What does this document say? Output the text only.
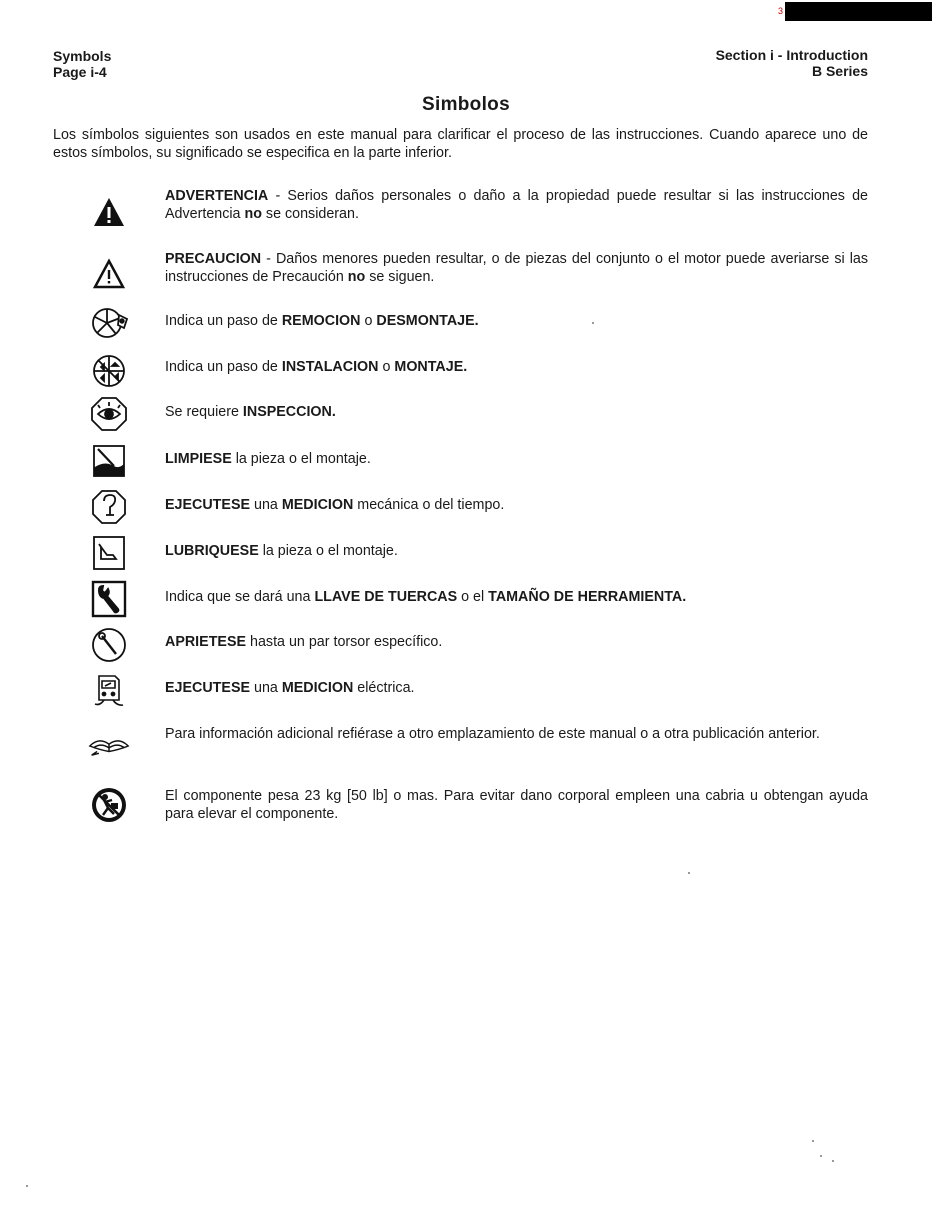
3
Symbols
Page i-4
Section i - Introduction
B Series
Simbolos
Los símbolos siguientes son usados en este manual para clarificar el proceso de las instrucciones. Cuando aparece uno de estos símbolos, su significado se especifica en la parte inferior.
ADVERTENCIA - Serios daños personales o daño a la propiedad puede resultar si las instrucciones de Advertencia no se consideran.
PRECAUCION - Daños menores pueden resultar, o de piezas del conjunto o el motor puede averiarse si las instrucciones de Precaución no se siguen.
Indica un paso de REMOCION o DESMONTAJE.
Indica un paso de INSTALACION o MONTAJE.
Se requiere INSPECCION.
LIMPIESE la pieza o el montaje.
EJECUTESE una MEDICION mecánica o del tiempo.
LUBRIQUESE la pieza o el montaje.
Indica que se dará una LLAVE DE TUERCAS o el TAMAÑO DE HERRAMIENTA.
APRIETESE hasta un par torsor específico.
EJECUTESE una MEDICION eléctrica.
Para información adicional refiérase a otro emplazamiento de este manual o a otra publicación anterior.
El componente pesa 23 kg [50 lb] o mas. Para evitar dano corporal empleen una cabria u obtengan ayuda para elevar el componente.
